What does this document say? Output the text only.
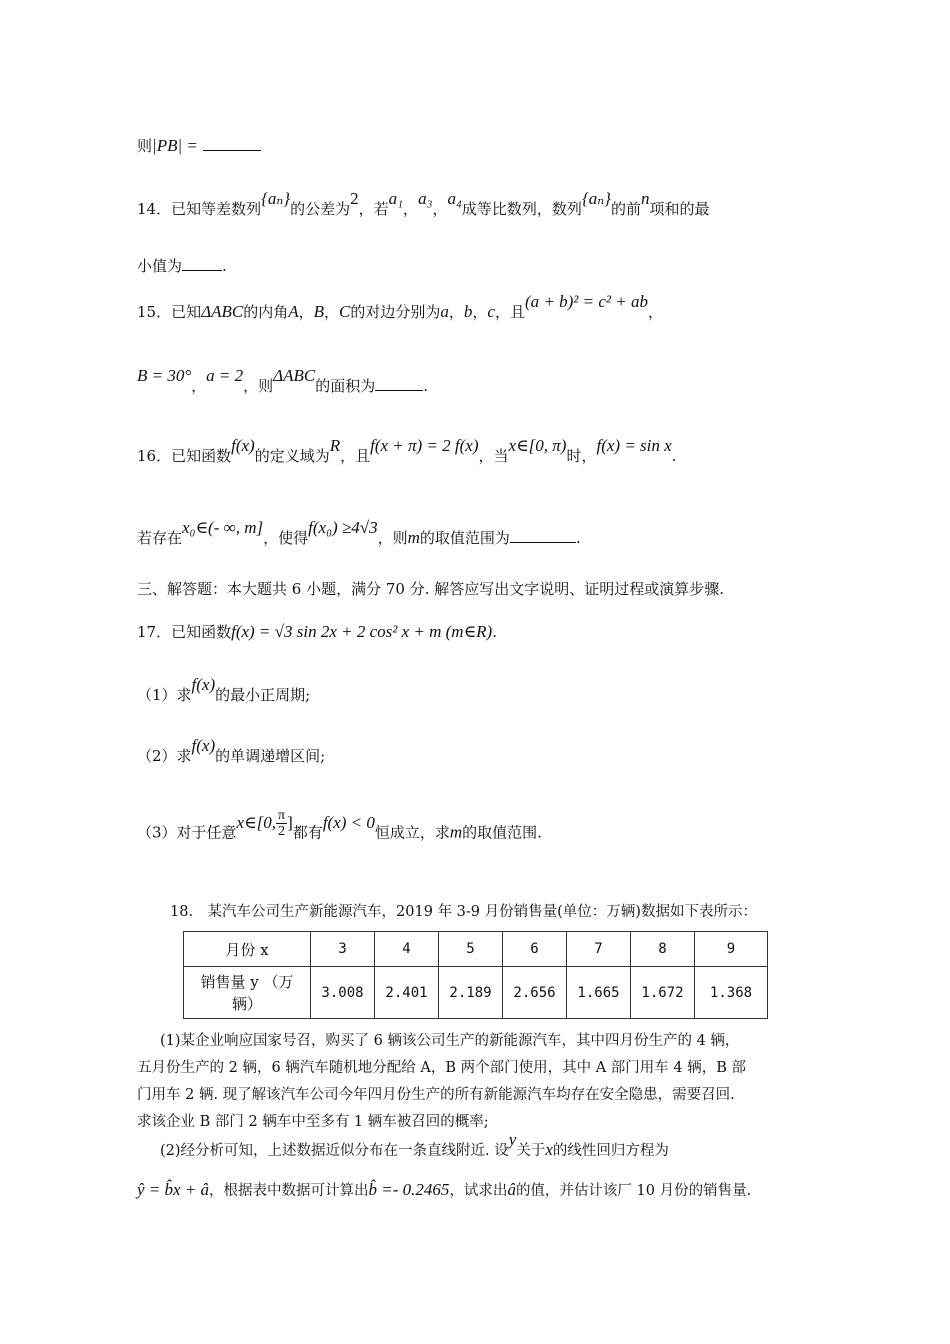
则|PB| =
14．已知等差数列{aₙ}的公差为2，若a₁，a₃，a₄成等比数列，数列{aₙ}的前n项和的最
小值为	.
15．已知ΔABC的内角A，B，C的对边分别为a，b，c，且(a + b)² = c² + ab，
B = 30°，a = 2，则ΔABC的面积为	.
16．已知函数f(x)的定义域为R，且f(x + π) = 2 f(x)，当x∈[0, π)时，f(x) = sin x.
若存在x₀∈(- ∞, m]，使得f(x₀) ≥4√3，则m的取值范围为	.
三、解答题：本大题共 6 小题，满分 70 分. 解答应写出文字说明、证明过程或演算步骤.
17．已知函数f(x) = √3 sin 2x + 2 cos² x + m (m∈R).
（1）求f(x)的最小正周期;
（2）求f(x)的单调递增区间;
（3）对于任意x∈[0, $\frac{\pi}{2}$ ]都有f(x) < 0恒成立，求m的取值范围.
18.　某汽车公司生产新能源汽车，2019 年 3-9 月份销售量(单位：万辆)数据如下表所示：
月份 x	3	4	5	6	7	8	9

销售量 y （万
辆）	3.008	2.401	2.189	2.656	1.665	1.672	1.368
(1)某企业响应国家号召，购买了 6 辆该公司生产的新能源汽车，其中四月份生产的 4 辆，
五月份生产的 2 辆，6 辆汽车随机地分配给 A，B 两个部门使用，其中 A 部门用车 4 辆，B 部
门用车 2 辆. 现了解该汽车公司今年四月份生产的所有新能源汽车均存在安全隐患，需要召回.
求该企业 B 部门 2 辆车中至多有 1 辆车被召回的概率;
(2)经分析可知，上述数据近似分布在一条直线附近. 设y关于x的线性回归方程为
ŷ = b̂x + â，根据表中数据可计算出b̂ =- 0.2465，试求出â的值，并估计该厂 10 月份的销售量.
